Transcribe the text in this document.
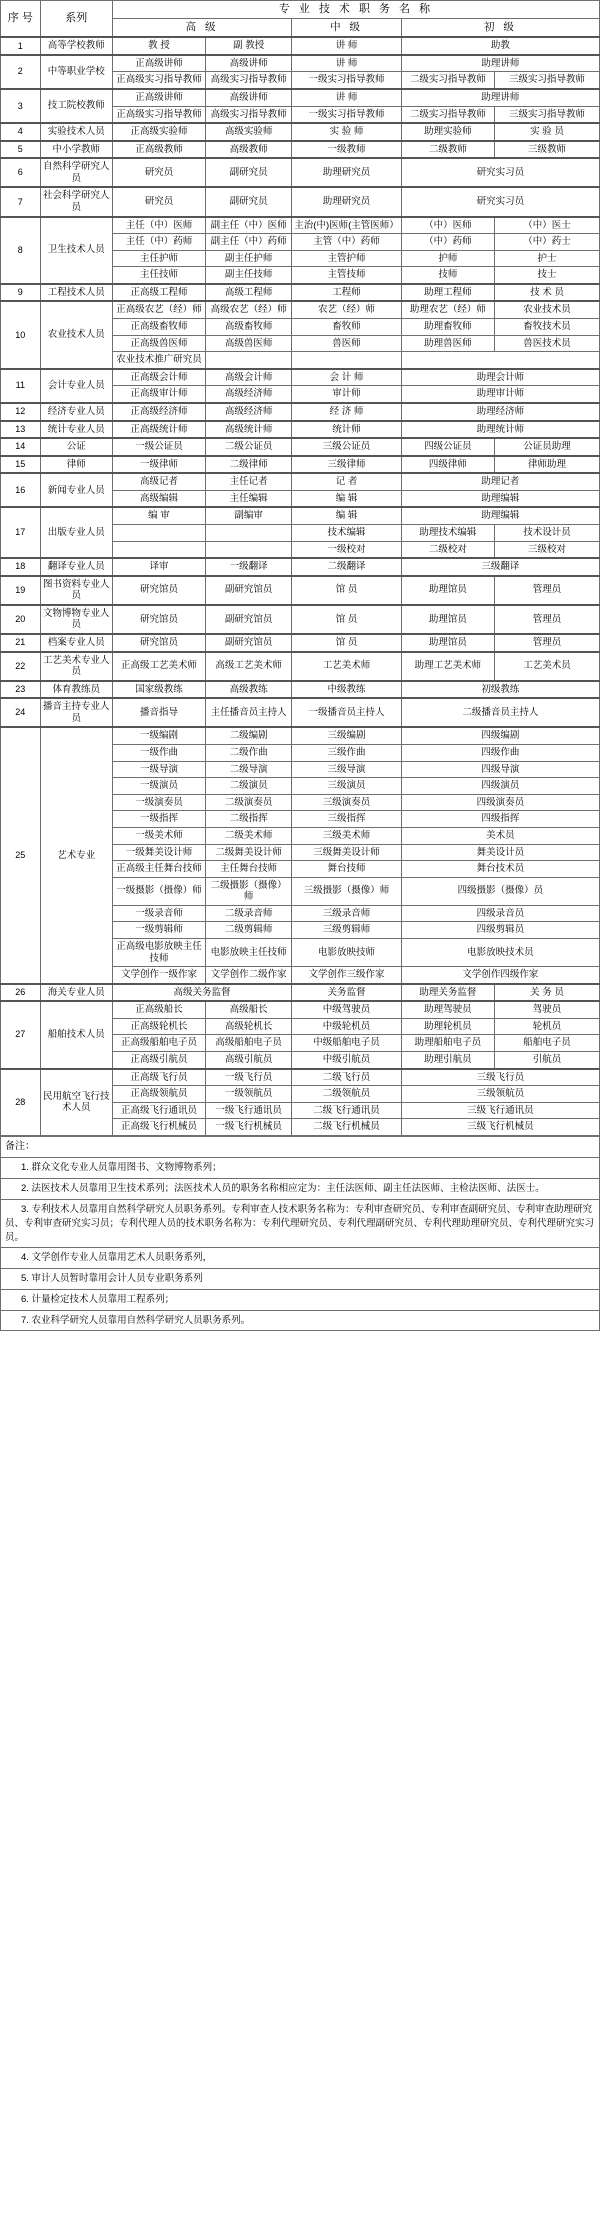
序 号	系列	专 业 技 术 职 务 名 称				
		高 级		中 级	初 级	
1	高等学校教师	教 授	副 教授	讲 师	助教	
2	中等职业学校	正高级讲师	高级讲师	讲 师	助理讲师	
		正高级实习指导教师	高级实习指导教师	一级实习指导教师	二级实习指导教师	三级实习指导教师
3	技工院校教师	正高级讲师	高级讲师	讲 师	助理讲师	
		正高级实习指导教师	高级实习指导教师	一级实习指导教师	二级实习指导教师	三级实习指导教师
4	实验技术人员	正高级实验师	高级实验师	实 验 师	助理实验师	实 验 员
5	中小学教师	正高级教师	高级教师	一级教师	二级教师	三级教师
6	自然科学研究人员	研究员	副研究员	助理研究员	研究实习员	
7	社会科学研究人员	研究员	副研究员	助理研究员	研究实习员	
8	卫生技术人员	主任（中）医师	副主任（中）医师	主治(中)医师(主管医师）	（中）医师	（中）医士
		主任（中）药师	副主任（中）药师	主管（中）药师	（中）药师	（中）药士
		主任护师	副主任护师	主管护师	护师	护士
		主任技师	副主任技师	主管技师	技师	技士
9	工程技术人员	正高级工程师	高级工程师	工程师	助理工程师	技 术 员
10	农业技术人员	正高级农艺（经）师	高级农艺（经）师	农艺（经）师	助理农艺（经）师	农业技术员
		正高级畜牧师	高级畜牧师	畜牧师	助理畜牧师	畜牧技术员
		正高级兽医师	高级兽医师	兽医师	助理兽医师	兽医技术员
		农业技术推广研究员				
11	会计专业人员	正高级会计师	高级会计师	会 计 师	助理会计师	
		正高级审计师	高级经济师	审计师	助理审计师	
12	经济专业人员	正高级经济师	高级经济师	经 济 师	助理经济师	
13	统计专业人员	正高级统计师	高级统计师	统计师	助理统计师	
14	公证	一级公证员	二级公证员	三级公证员	四级公证员	公证员助理
15	律师	一级律师	二级律师	三级律师	四级律师	律师助理
16	新闻专业人员	高级记者	主任记者	记 者	助理记者	
		高级编辑	主任编辑	编 辑	助理编辑	
17	出版专业人员	编 审	副编审	编 辑	助理编辑	
				技术编辑	助理技术编辑	技术设计员
				一级校对	二级校对	三级校对
18	翻译专业人员	译审	一级翻译	二级翻译	三级翻译	
19	图书资料专业人员	研究馆员	副研究馆员	馆 员	助理馆员	管理员
20	文物博物专业人员	研究馆员	副研究馆员	馆 员	助理馆员	管理员
21	档案专业人员	研究馆员	副研究馆员	馆 员	助理馆员	管理员
22	工艺美术专业人员	正高级工艺美术师	高级工艺美术师	工艺美术师	助理工艺美术师	工艺美术员
23	体育教练员	国家级教练	高级教练	中级教练	初级教练	
24	播音主持专业人员	播音指导	主任播音员主持人	一级播音员主持人	二级播音员主持人	
25	艺术专业	一级编剧	二级编剧	三级编剧	四级编剧	
		一级作曲	二级作曲	三级作曲	四级作曲	
		一级导演	二级导演	三级导演	四级导演	
		一级演员	二级演员	三级演员	四级演员	
		一级演奏员	二级演奏员	三级演奏员	四级演奏员	
		一级指挥	二级指挥	三级指挥	四级指挥	
		一级美术师	二级美术师	三级美术师	美术员	
		一级舞美设计师	二级舞美设计师	三级舞美设计师	舞美设计员	
		正高级主任舞台技师	主任舞台技师	舞台技师	舞台技术员	
		一级摄影（摄像）师	二级摄影（摄像）师	三级摄影（摄像）师	四级摄影（摄像）员	
		一级录音师	二级录音师	三级录音师	四级录音员	
		一级剪辑师	二级剪辑师	三级剪辑师	四级剪辑员	
		正高级电影放映主任技师	电影放映主任技师	电影放映技师	电影放映技术员	
		文学创作一级作家	文学创作二级作家	文学创作三级作家	文学创作四级作家	
26	海关专业人员	高级关务监督		关务监督	助理关务监督	关 务 员
27	船舶技术人员	正高级船长	高级船长	中级驾驶员	助理驾驶员	驾驶员
		正高级轮机长	高级轮机长	中级轮机员	助理轮机员	轮机员
		正高级船舶电子员	高级船舶电子员	中级船舶电子员	助理船舶电子员	船舶电子员
		正高级引航员	高级引航员	中级引航员	助理引航员	引航员
28	民用航空飞行技术人员	正高级飞行员	一级飞行员	二级飞行员	三级飞行员	
		正高级领航员	一级领航员	二级领航员	三级领航员	
		正高级飞行通讯员	一级飞行通讯员	二级飞行通讯员	三级飞行通讯员	
		正高级飞行机械员	一级飞行机械员	二级飞行机械员	三级飞行机械员	
备注：
1. 群众文化专业人员靠用图书、文物博物系列；
2. 法医技术人员靠用卫生技术系列；法医技术人员的职务名称相应定为：主任法医师、副主任法医师、主检法医师、法医士。
3. 专利技术人员靠用自然科学研究人员职务系列。专利审查人技术职务名称为：专利审查研究员、专利审查副研究员、专利审查助理研究员、专利审查研究实习员；专利代理人员的技术职务名称为：专利代理研究员、专利代理副研究员、专利代理助理研究员、专利代理研究实习员。
4. 文学创作专业人员靠用艺术人员职务系列，
5. 审计人员暂时靠用会计人员专业职务系列
6. 计量检定技术人员靠用工程系列；
7. 农业科学研究人员靠用自然科学研究人员职务系列。
